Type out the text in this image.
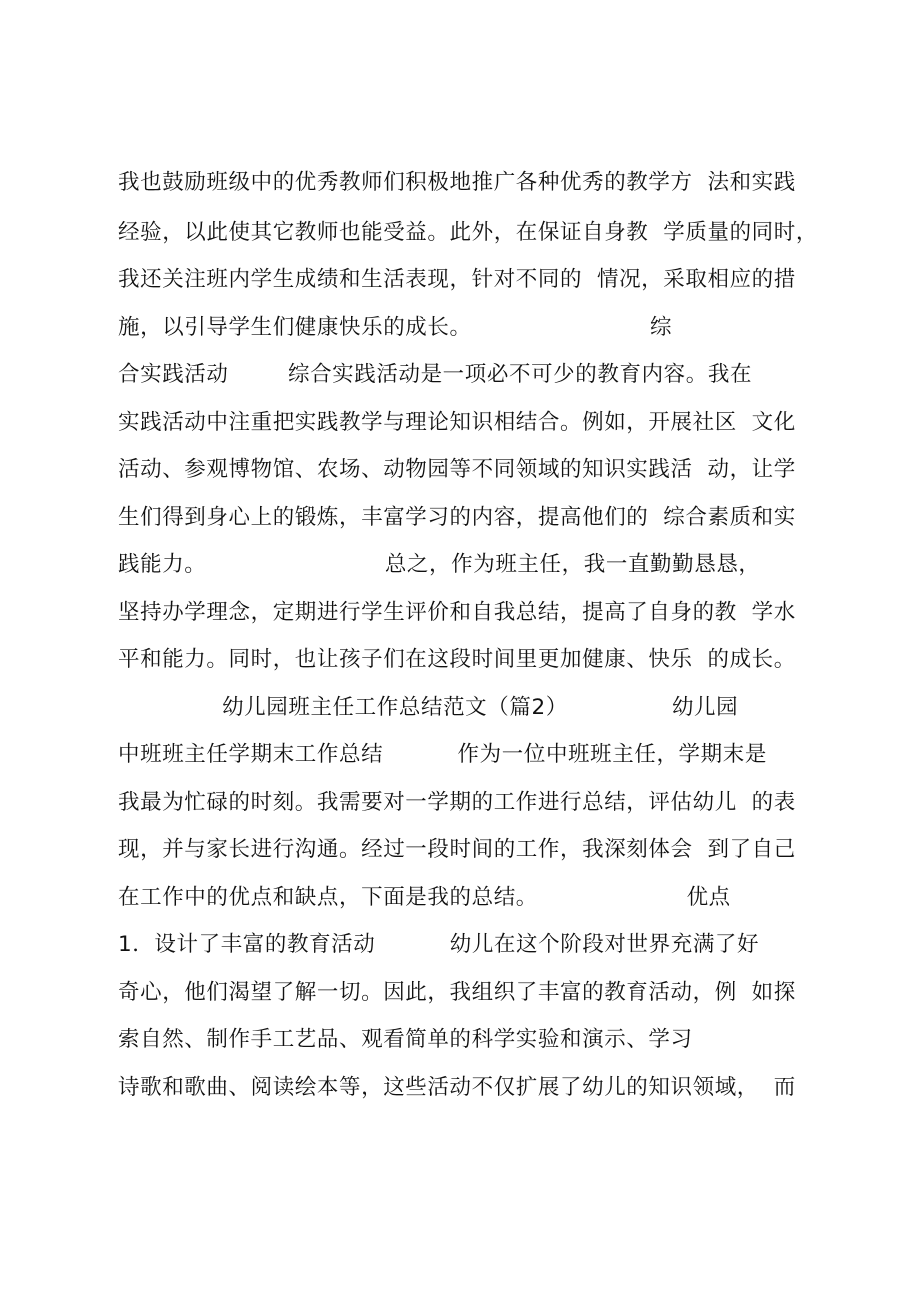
我也鼓励班级中的优秀教师们积极地推广各种优秀的教学方  法和实践
经验，以此使其它教师也能受益。此外，在保证自身教  学质量的同时，
我还关注班内学生成绩和生活表现，针对不同的  情况，采取相应的措
施，以引导学生们健康快乐的成长。                        综
合实践活动        综合实践活动是一项必不可少的教育内容。我在
实践活动中注重把实践教学与理论知识相结合。例如，开展社区  文化
活动、参观博物馆、农场、动物园等不同领域的知识实践活  动，让学
生们得到身心上的锻炼，丰富学习的内容，提高他们的  综合素质和实
践能力。                        总之，作为班主任，我一直勤勤恳恳，
坚持办学理念，定期进行学生评价和自我总结，提高了自身的教  学水
平和能力。同时，也让孩子们在这段时间里更加健康、快乐  的成长。
幼儿园班主任工作总结范文（篇2）              幼儿园
中班班主任学期末工作总结          作为一位中班班主任，学期末是
我最为忙碌的时刻。我需要对一学期的工作进行总结，评估幼儿  的表
现，并与家长进行沟通。经过一段时间的工作，我深刻体会  到了自己
在工作中的优点和缺点，下面是我的总结。                    优点
1．设计了丰富的教育活动          幼儿在这个阶段对世界充满了好
奇心，他们渴望了解一切。因此，我组织了丰富的教育活动，例  如探
索自然、制作手工艺品、观看简单的科学实验和演示、学习
诗歌和歌曲、阅读绘本等，这些活动不仅扩展了幼儿的知识领域，  而
